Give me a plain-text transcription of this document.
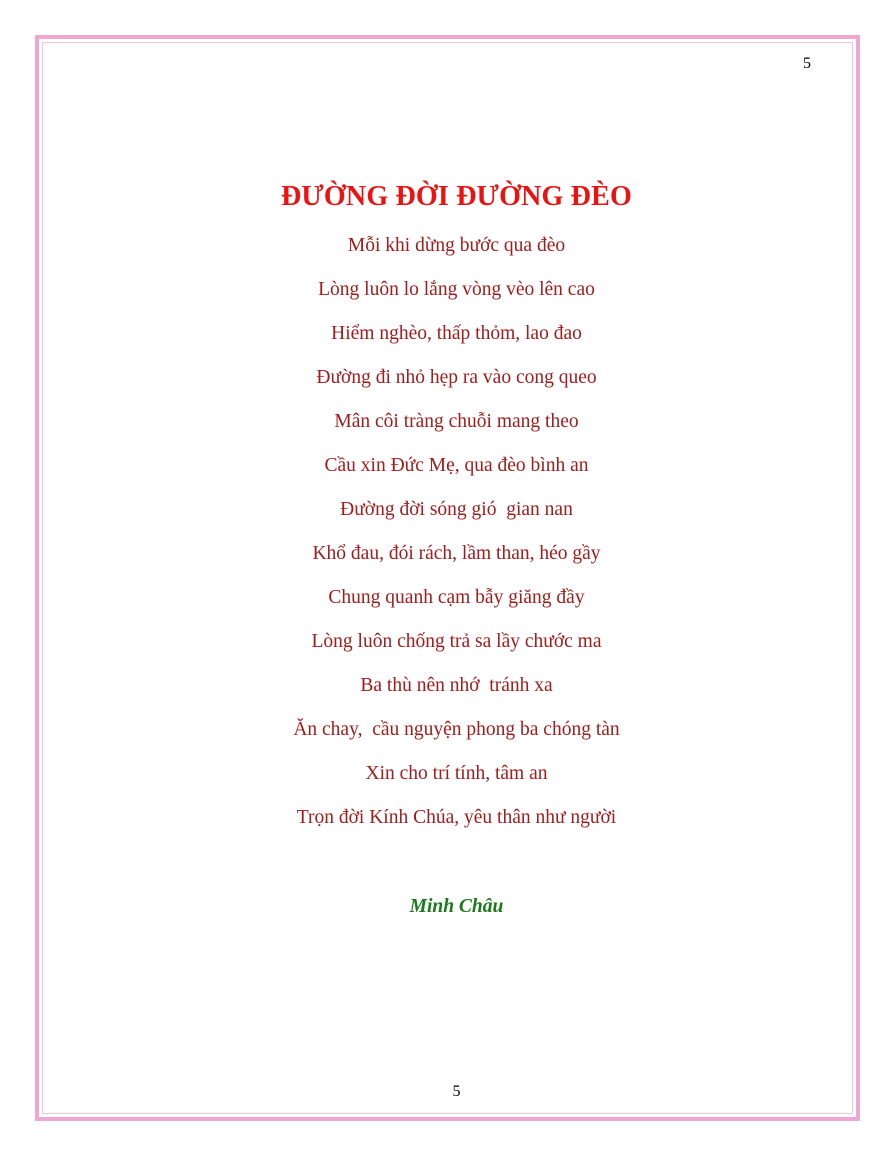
5
ĐƯỜNG ĐỜI ĐƯỜNG ĐÈO
Mỗi khi dừng bước qua đèo
Lòng luôn lo lắng vòng vèo lên cao
Hiểm nghèo, thấp thỏm, lao đao
Đường đi nhỏ hẹp ra vào cong queo
Mân côi tràng chuỗi mang theo
Cầu xin Đức Mẹ, qua đèo bình an
Đường đời sóng gió  gian nan
Khổ đau, đói rách, lầm than, héo gầy
Chung quanh cạm bẫy giăng đầy
Lòng luôn chống trả sa lầy chước ma
Ba thù nên nhớ  tránh xa
Ăn chay,  cầu nguyện phong ba chóng tàn
Xin cho trí tính, tâm an
Trọn đời Kính Chúa, yêu thân như người
Minh Châu
5
